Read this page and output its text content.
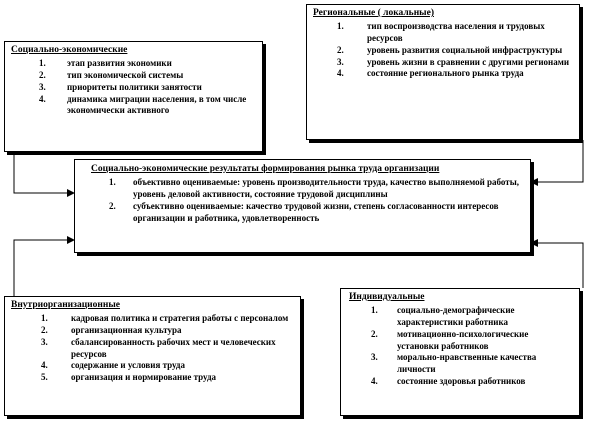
Социально-экономические

1.	этап развития экономики
2.	тип экономической системы
3.	приоритеты политики занятости
4.	динамика миграции населения, в том числе экономически активного

Региональные ( локальные)

1.	тип воспроизводства населения и трудовых ресурсов
2.	уровень развития социальной инфраструктуры
3.	уровень жизни в сравнении с другими регионами
4.	состояние регионального рынка труда

Социально-экономические результаты формирования рынка труда организации

1.	объективно оцениваемые: уровень производительности труда, качество выполняемой работы, уровень деловой активности, состояние трудовой дисциплины
2.	субъективно оцениваемые: качество трудовой жизни, степень согласованности интересов организации и работника, удовлетворенность

Внутриорганизационные

1.	кадровая политика и стратегия работы с персоналом
2.	организационная культура
3.	сбалансированность рабочих мест и человеческих ресурсов
4.	содержание и условия труда
5.	организация и нормирование труда

Индивидуальные

1.	социально-демографические характеристики работника
2.	мотивационно-психологические установки работников
3.	морально-нравственные качества личности
4.	состояние здоровья работников
